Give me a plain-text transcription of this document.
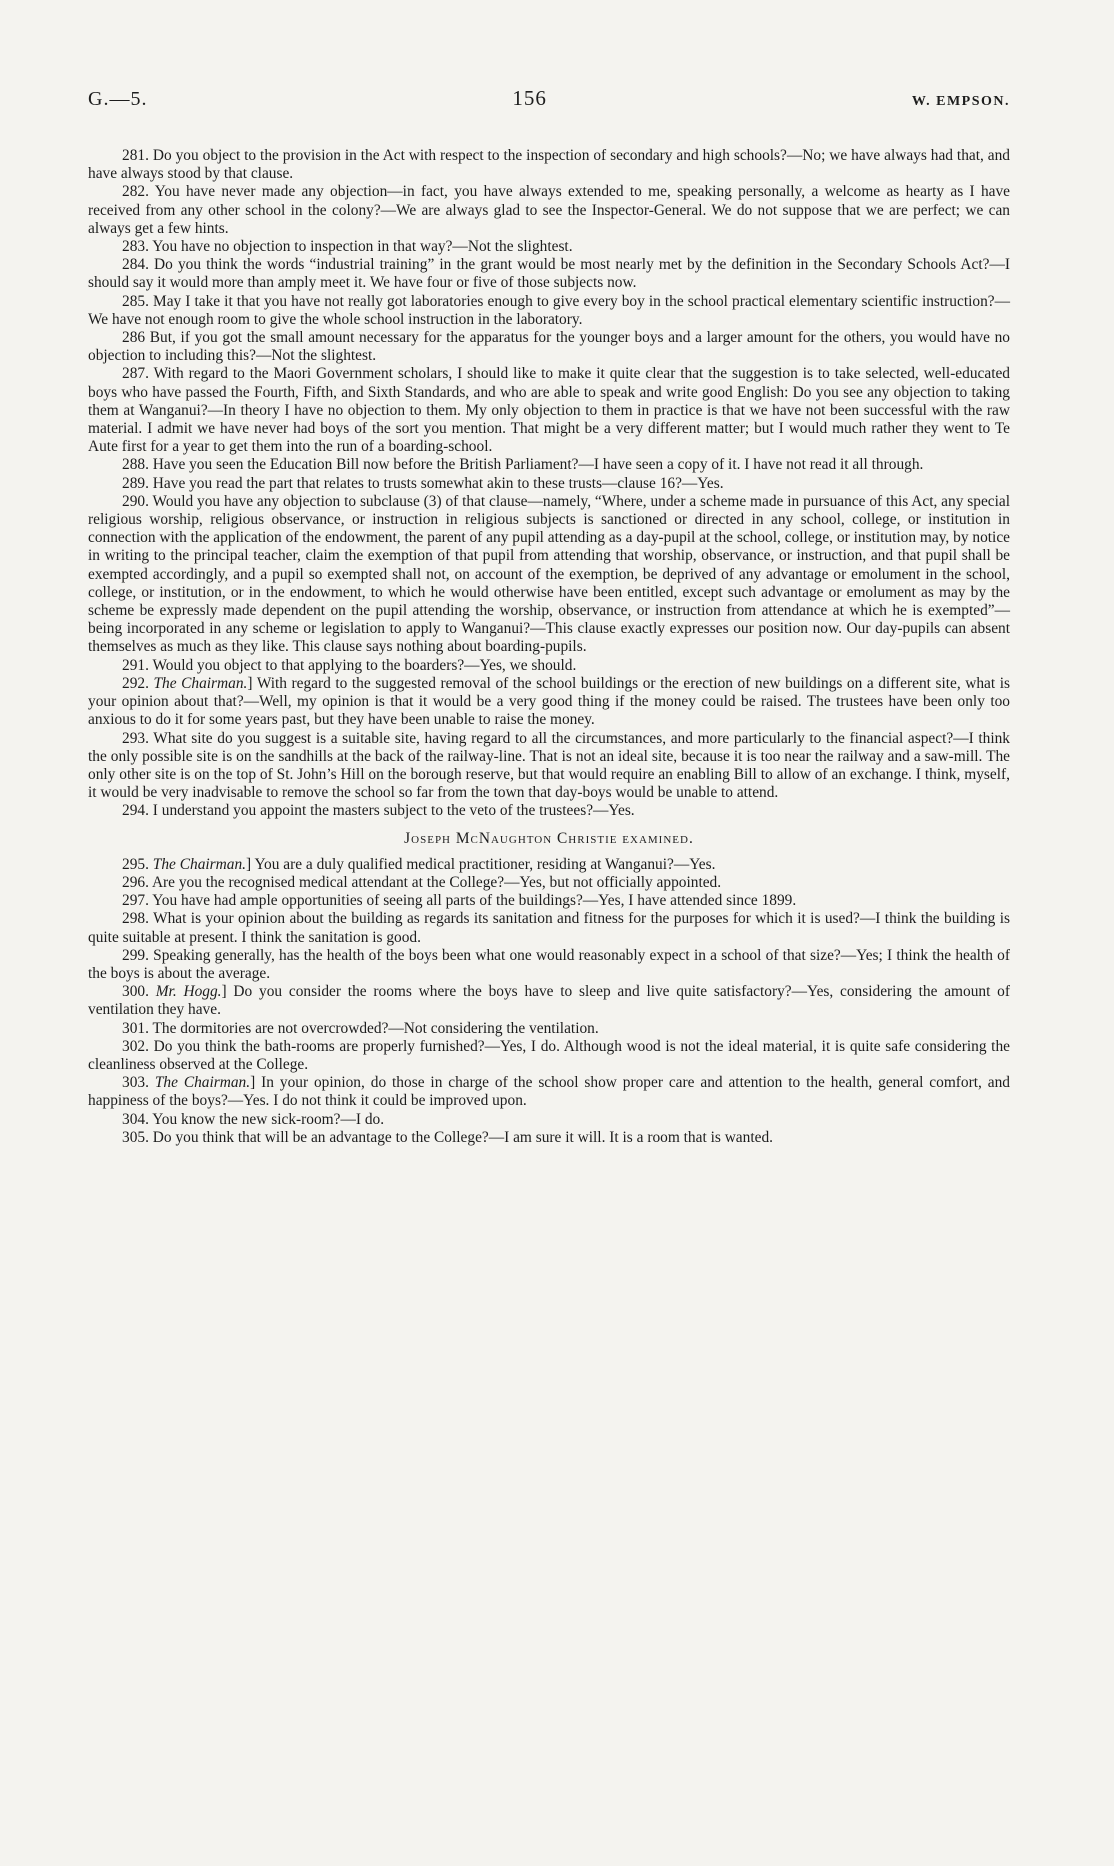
G.—5.	156	W. EMPSON.

281. Do you object to the provision in the Act with respect to the inspection of secondary and high schools?—No; we have always had that, and have always stood by that clause.

282. You have never made any objection—in fact, you have always extended to me, speaking personally, a welcome as hearty as I have received from any other school in the colony?—We are always glad to see the Inspector-General. We do not suppose that we are perfect; we can always get a few hints.

283. You have no objection to inspection in that way?—Not the slightest.

284. Do you think the words “industrial training” in the grant would be most nearly met by the definition in the Secondary Schools Act?—I should say it would more than amply meet it. We have four or five of those subjects now.

285. May I take it that you have not really got laboratories enough to give every boy in the school practical elementary scientific instruction?—We have not enough room to give the whole school instruction in the laboratory.

286 But, if you got the small amount necessary for the apparatus for the younger boys and a larger amount for the others, you would have no objection to including this?—Not the slightest.

287. With regard to the Maori Government scholars, I should like to make it quite clear that the suggestion is to take selected, well-educated boys who have passed the Fourth, Fifth, and Sixth Standards, and who are able to speak and write good English: Do you see any objection to taking them at Wanganui?—In theory I have no objection to them. My only objection to them in practice is that we have not been successful with the raw material. I admit we have never had boys of the sort you mention. That might be a very different matter; but I would much rather they went to Te Aute first for a year to get them into the run of a boarding-school.

288. Have you seen the Education Bill now before the British Parliament?—I have seen a copy of it. I have not read it all through.

289. Have you read the part that relates to trusts somewhat akin to these trusts—clause 16?—Yes.

290. Would you have any objection to subclause (3) of that clause—namely, “Where, under a scheme made in pursuance of this Act, any special religious worship, religious observance, or instruction in religious subjects is sanctioned or directed in any school, college, or institution in connection with the application of the endowment, the parent of any pupil attending as a day-pupil at the school, college, or institution may, by notice in writing to the principal teacher, claim the exemption of that pupil from attending that worship, observance, or instruction, and that pupil shall be exempted accordingly, and a pupil so exempted shall not, on account of the exemption, be deprived of any advantage or emolument in the school, college, or institution, or in the endowment, to which he would otherwise have been entitled, except such advantage or emolument as may by the scheme be expressly made dependent on the pupil attending the worship, observance, or instruction from attendance at which he is exempted”—being incorporated in any scheme or legislation to apply to Wanganui?—This clause exactly expresses our position now. Our day-pupils can absent themselves as much as they like. This clause says nothing about boarding-pupils.

291. Would you object to that applying to the boarders?—Yes, we should.

292. The Chairman.] With regard to the suggested removal of the school buildings or the erection of new buildings on a different site, what is your opinion about that?—Well, my opinion is that it would be a very good thing if the money could be raised. The trustees have been only too anxious to do it for some years past, but they have been unable to raise the money.

293. What site do you suggest is a suitable site, having regard to all the circumstances, and more particularly to the financial aspect?—I think the only possible site is on the sandhills at the back of the railway-line. That is not an ideal site, because it is too near the railway and a saw-mill. The only other site is on the top of St. John’s Hill on the borough reserve, but that would require an enabling Bill to allow of an exchange. I think, myself, it would be very inadvisable to remove the school so far from the town that day-boys would be unable to attend.

294. I understand you appoint the masters subject to the veto of the trustees?—Yes.

Joseph McNaughton Christie examined.

295. The Chairman.] You are a duly qualified medical practitioner, residing at Wanganui?—Yes.

296. Are you the recognised medical attendant at the College?—Yes, but not officially appointed.

297. You have had ample opportunities of seeing all parts of the buildings?—Yes, I have attended since 1899.

298. What is your opinion about the building as regards its sanitation and fitness for the purposes for which it is used?—I think the building is quite suitable at present. I think the sanitation is good.

299. Speaking generally, has the health of the boys been what one would reasonably expect in a school of that size?—Yes; I think the health of the boys is about the average.

300. Mr. Hogg.] Do you consider the rooms where the boys have to sleep and live quite satisfactory?—Yes, considering the amount of ventilation they have.

301. The dormitories are not overcrowded?—Not considering the ventilation.

302. Do you think the bath-rooms are properly furnished?—Yes, I do. Although wood is not the ideal material, it is quite safe considering the cleanliness observed at the College.

303. The Chairman.] In your opinion, do those in charge of the school show proper care and attention to the health, general comfort, and happiness of the boys?—Yes. I do not think it could be improved upon.

304. You know the new sick-room?—I do.

305. Do you think that will be an advantage to the College?—I am sure it will. It is a room that is wanted.
